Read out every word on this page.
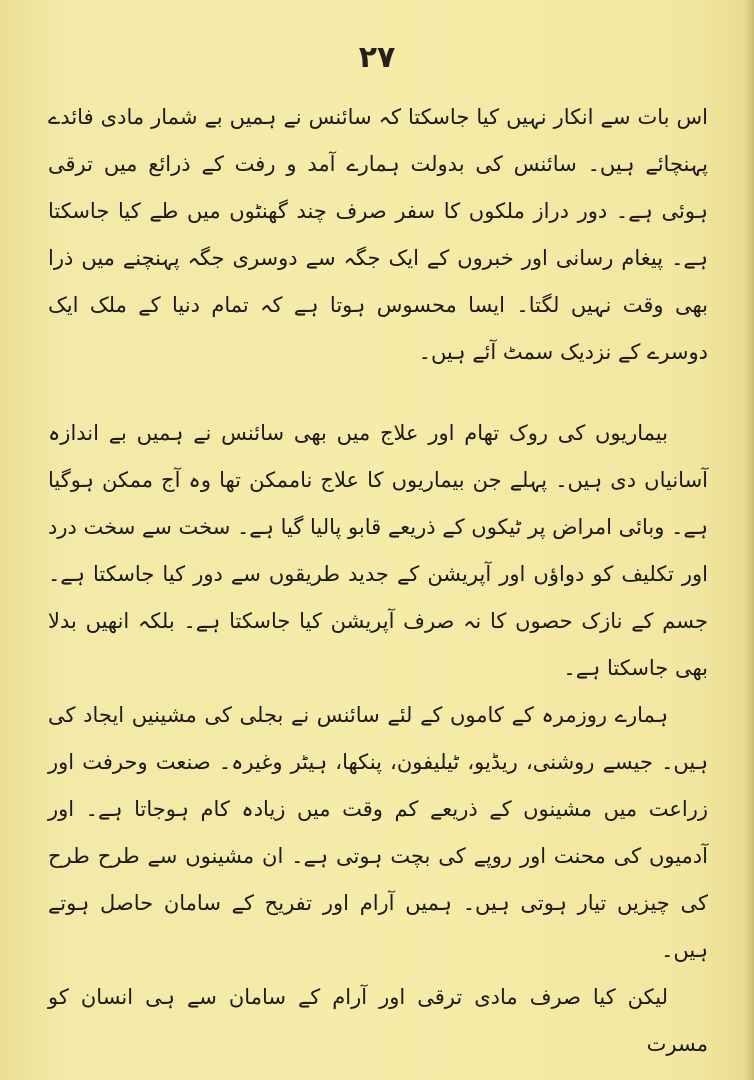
۲۷

اس بات سے انکار نہیں کیا جاسکتا کہ سائنس نے ہمیں بے شمار مادی فائدے پہنچائے ہیں۔ سائنس کی بدولت ہمارے آمد و رفت کے ذرائع میں ترقی ہوئی ہے۔ دور دراز ملکوں کا سفر صرف چند گھنٹوں میں طے کیا جاسکتا ہے۔ پیغام رسانی اور خبروں کے ایک جگہ سے دوسری جگہ پہنچنے میں ذرا بھی وقت نہیں لگتا۔ ایسا محسوس ہوتا ہے کہ تمام دنیا کے ملک ایک دوسرے کے نزدیک سمٹ آئے ہیں۔

بیماریوں کی روک تھام اور علاج میں بھی سائنس نے ہمیں بے اندازہ آسانیاں دی ہیں۔ پہلے جن بیماریوں کا علاج ناممکن تھا وہ آج ممکن ہوگیا ہے۔ وبائی امراض پر ٹیکوں کے ذریعے قابو پالیا گیا ہے۔ سخت سے سخت درد اور تکلیف کو دواؤں اور آپریشن کے جدید طریقوں سے دور کیا جاسکتا ہے۔ جسم کے نازک حصوں کا نہ صرف آپریشن کیا جاسکتا ہے۔ بلکہ انھیں بدلا بھی جاسکتا ہے۔

ہمارے روزمرہ کے کاموں کے لئے سائنس نے بجلی کی مشینیں ایجاد کی ہیں۔ جیسے روشنی، ریڈیو، ٹیلیفون، پنکھا، ہیٹر وغیرہ۔ صنعت وحرفت اور زراعت میں مشینوں کے ذریعے کم وقت میں زیادہ کام ہوجاتا ہے۔ اور آدمیوں کی محنت اور روپے کی بچت ہوتی ہے۔ ان مشینوں سے طرح طرح کی چیزیں تیار ہوتی ہیں۔ ہمیں آرام اور تفریح کے سامان حاصل ہوتے ہیں۔

لیکن کیا صرف مادی ترقی اور آرام کے سامان سے ہی انسان کو مسرت
